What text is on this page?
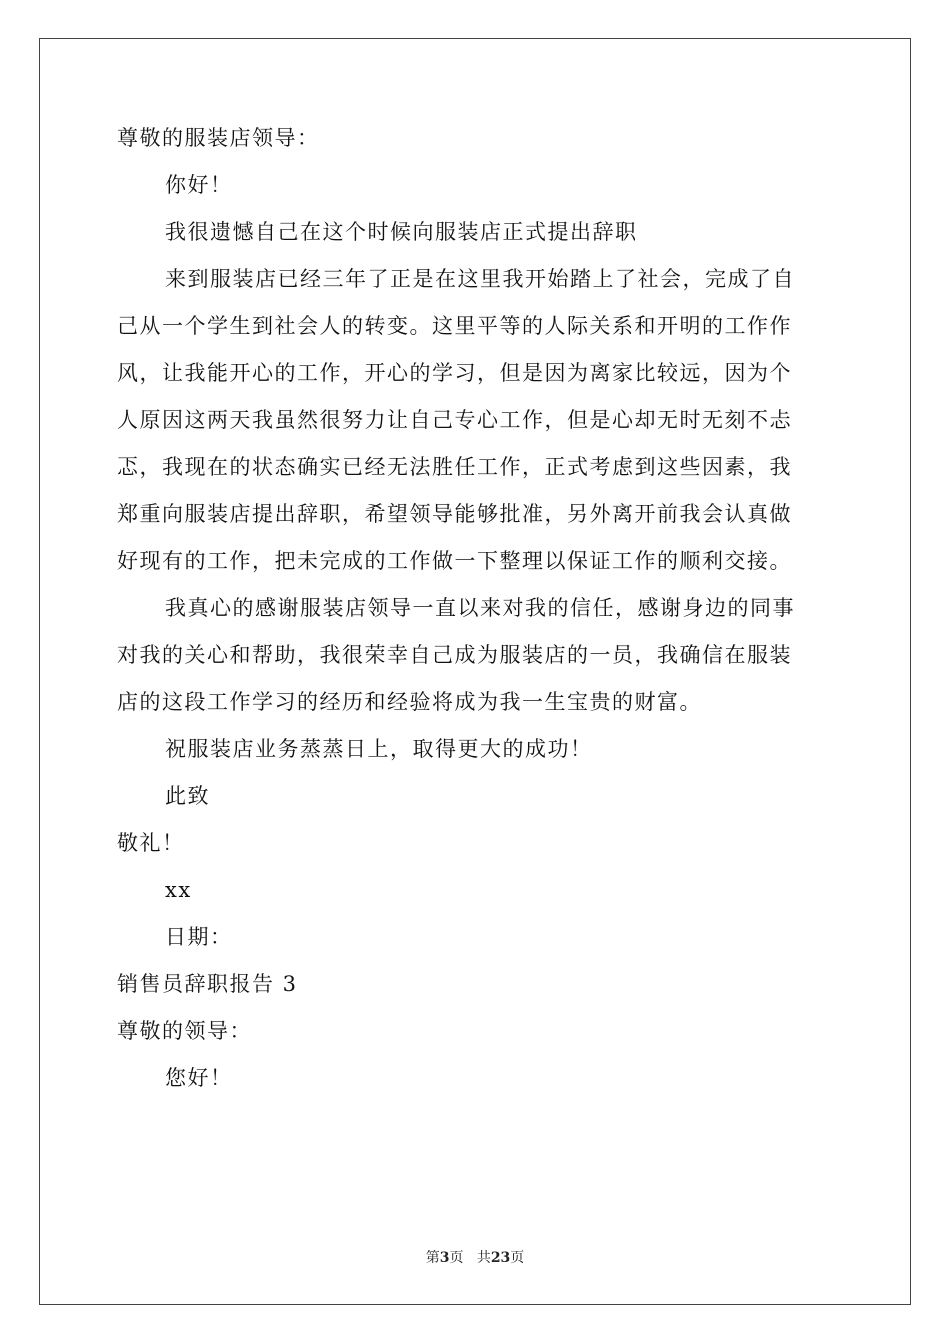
尊敬的服装店领导：
你好！
我很遗憾自己在这个时候向服装店正式提出辞职
来到服装店已经三年了正是在这里我开始踏上了社会，完成了自
己从一个学生到社会人的转变。这里平等的人际关系和开明的工作作
风，让我能开心的工作，开心的学习，但是因为离家比较远，因为个
人原因这两天我虽然很努力让自己专心工作，但是心却无时无刻不忐
忑，我现在的状态确实已经无法胜任工作，正式考虑到这些因素，我
郑重向服装店提出辞职，希望领导能够批准，另外离开前我会认真做
好现有的工作，把未完成的工作做一下整理以保证工作的顺利交接。
我真心的感谢服装店领导一直以来对我的信任，感谢身边的同事
对我的关心和帮助，我很荣幸自己成为服装店的一员，我确信在服装
店的这段工作学习的经历和经验将成为我一生宝贵的财富。
祝服装店业务蒸蒸日上，取得更大的成功！
此致
敬礼！
xx
日期：
销售员辞职报告 3
尊敬的领导：
您好！
第3页 共23页
